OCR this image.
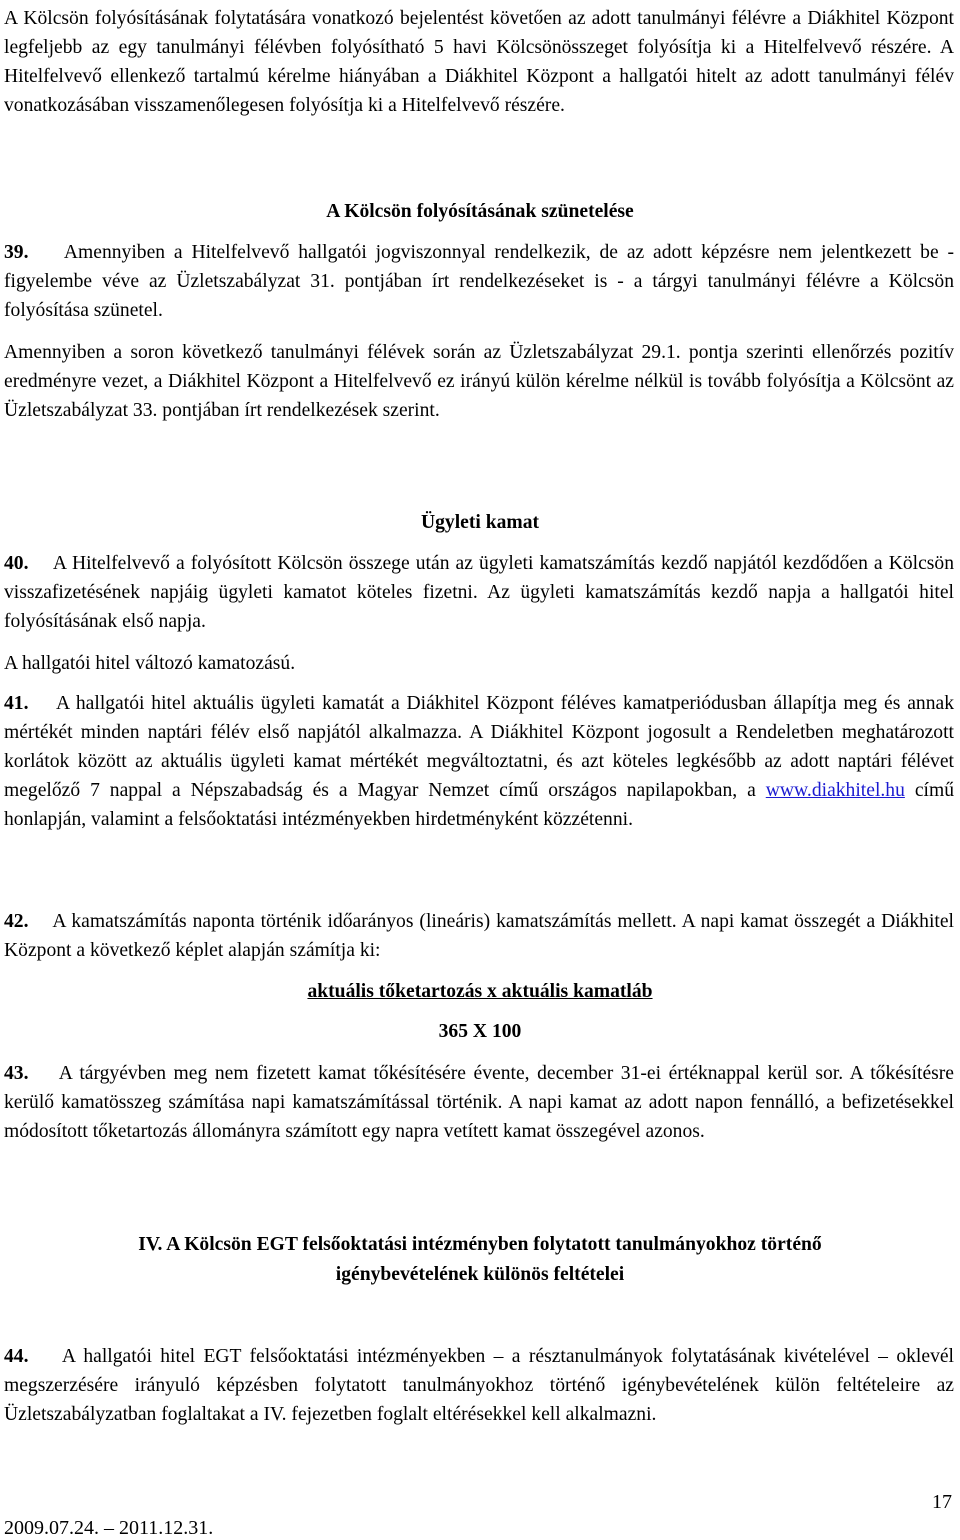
A Kölcsön folyósításának folytatására vonatkozó bejelentést követően az adott tanulmányi félévre a Diákhitel Központ legfeljebb az egy tanulmányi félévben folyósítható 5 havi Kölcsönösszeget folyósítja ki a Hitelfelvevő részére. A Hitelfelvevő ellenkező tartalmú kérelme hiányában a Diákhitel Központ a hallgatói hitelt az adott tanulmányi félév vonatkozásában visszamenőlegesen folyósítja ki a Hitelfelvevő részére.

A Kölcsön folyósításának szünetelése

39. Amennyiben a Hitelfelvevő hallgatói jogviszonnyal rendelkezik, de az adott képzésre nem jelentkezett be - figyelembe véve az Üzletszabályzat 31. pontjában írt rendelkezéseket is - a tárgyi tanulmányi félévre a Kölcsön folyósítása szünetel.

Amennyiben a soron következő tanulmányi félévek során az Üzletszabályzat 29.1. pontja szerinti ellenőrzés pozitív eredményre vezet, a Diákhitel Központ a Hitelfelvevő ez irányú külön kérelme nélkül is tovább folyósítja a Kölcsönt az Üzletszabályzat 33. pontjában írt rendelkezések szerint.

Ügyleti kamat

40. A Hitelfelvevő a folyósított Kölcsön összege után az ügyleti kamatszámítás kezdő napjától kezdődően a Kölcsön visszafizetésének napjáig ügyleti kamatot köteles fizetni. Az ügyleti kamatszámítás kezdő napja a hallgatói hitel folyósításának első napja.

A hallgatói hitel változó kamatozású.

41. A hallgatói hitel aktuális ügyleti kamatát a Diákhitel Központ féléves kamatperiódusban állapítja meg és annak mértékét minden naptári félév első napjától alkalmazza. A Diákhitel Központ jogosult a Rendeletben meghatározott korlátok között az aktuális ügyleti kamat mértékét megváltoztatni, és azt köteles legkésőbb az adott naptári félévet megelőző 7 nappal a Népszabadság és a Magyar Nemzet című országos napilapokban, a www.diakhitel.hu című honlapján, valamint a felsőoktatási intézményekben hirdetményként közzétenni.

42. A kamatszámítás naponta történik időarányos (lineáris) kamatszámítás mellett. A napi kamat összegét a Diákhitel Központ a következő képlet alapján számítja ki:

aktuális tőketartozás x aktuális kamatláb

365 X 100

43. A tárgyévben meg nem fizetett kamat tőkésítésére évente, december 31-ei értéknappal kerül sor. A tőkésítésre kerülő kamatösszeg számítása napi kamatszámítással történik. A napi kamat az adott napon fennálló, a befizetésekkel módosított tőketartozás állományra számított egy napra vetített kamat összegével azonos.

IV. A Kölcsön EGT felsőoktatási intézményben folytatott tanulmányokhoz történő

igénybevételének különös feltételei

44. A hallgatói hitel EGT felsőoktatási intézményekben – a résztanulmányok folytatásának kivételével – oklevél megszerzésére irányuló képzésben folytatott tanulmányokhoz történő igénybevételének külön feltételeire az Üzletszabályzatban foglaltakat a IV. fejezetben foglalt eltérésekkel kell alkalmazni.

17
2009.07.24. – 2011.12.31.
